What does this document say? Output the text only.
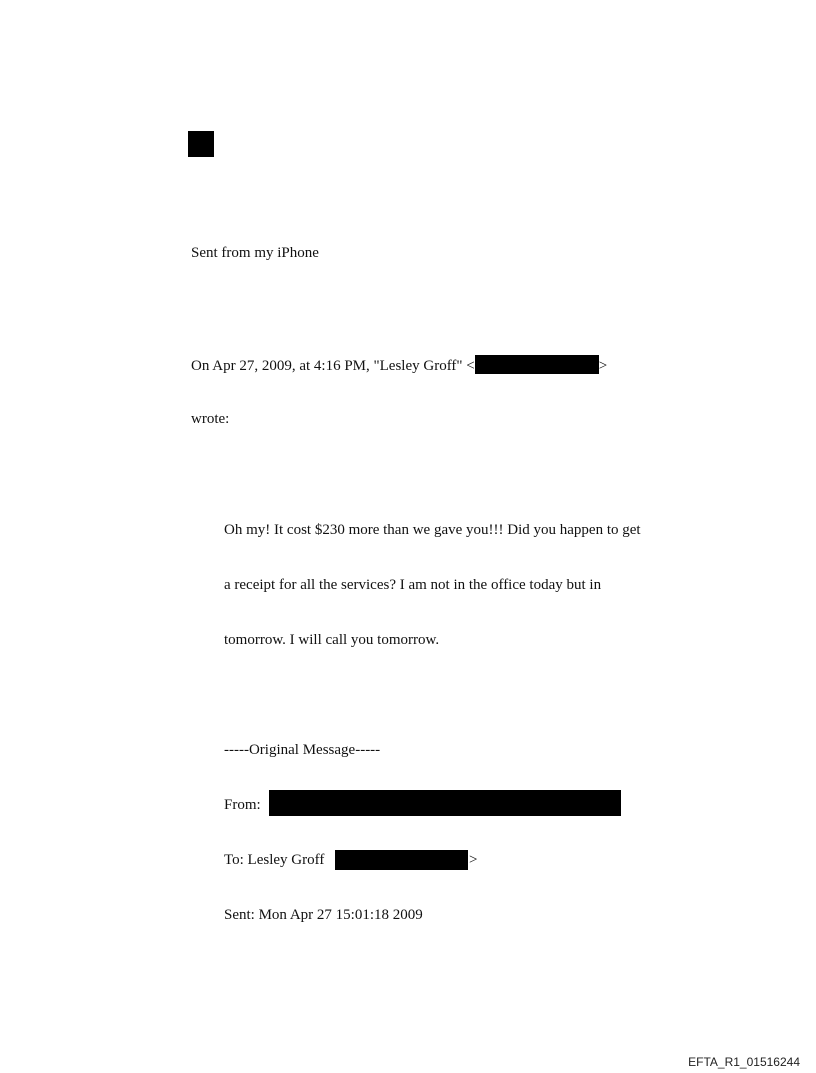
Sent from my iPhone
On Apr 27, 2009, at 4:16 PM, "Lesley Groff" <	>
wrote:
Oh my! It cost $230 more than we gave you!!! Did you happen to get
a receipt for all the services? I am not in the office today but in
tomorrow. I will call you tomorrow.
-----Original Message-----
From:
To: Lesley Groff	>
Sent: Mon Apr 27 15:01:18 2009
EFTA_R1_01516244
